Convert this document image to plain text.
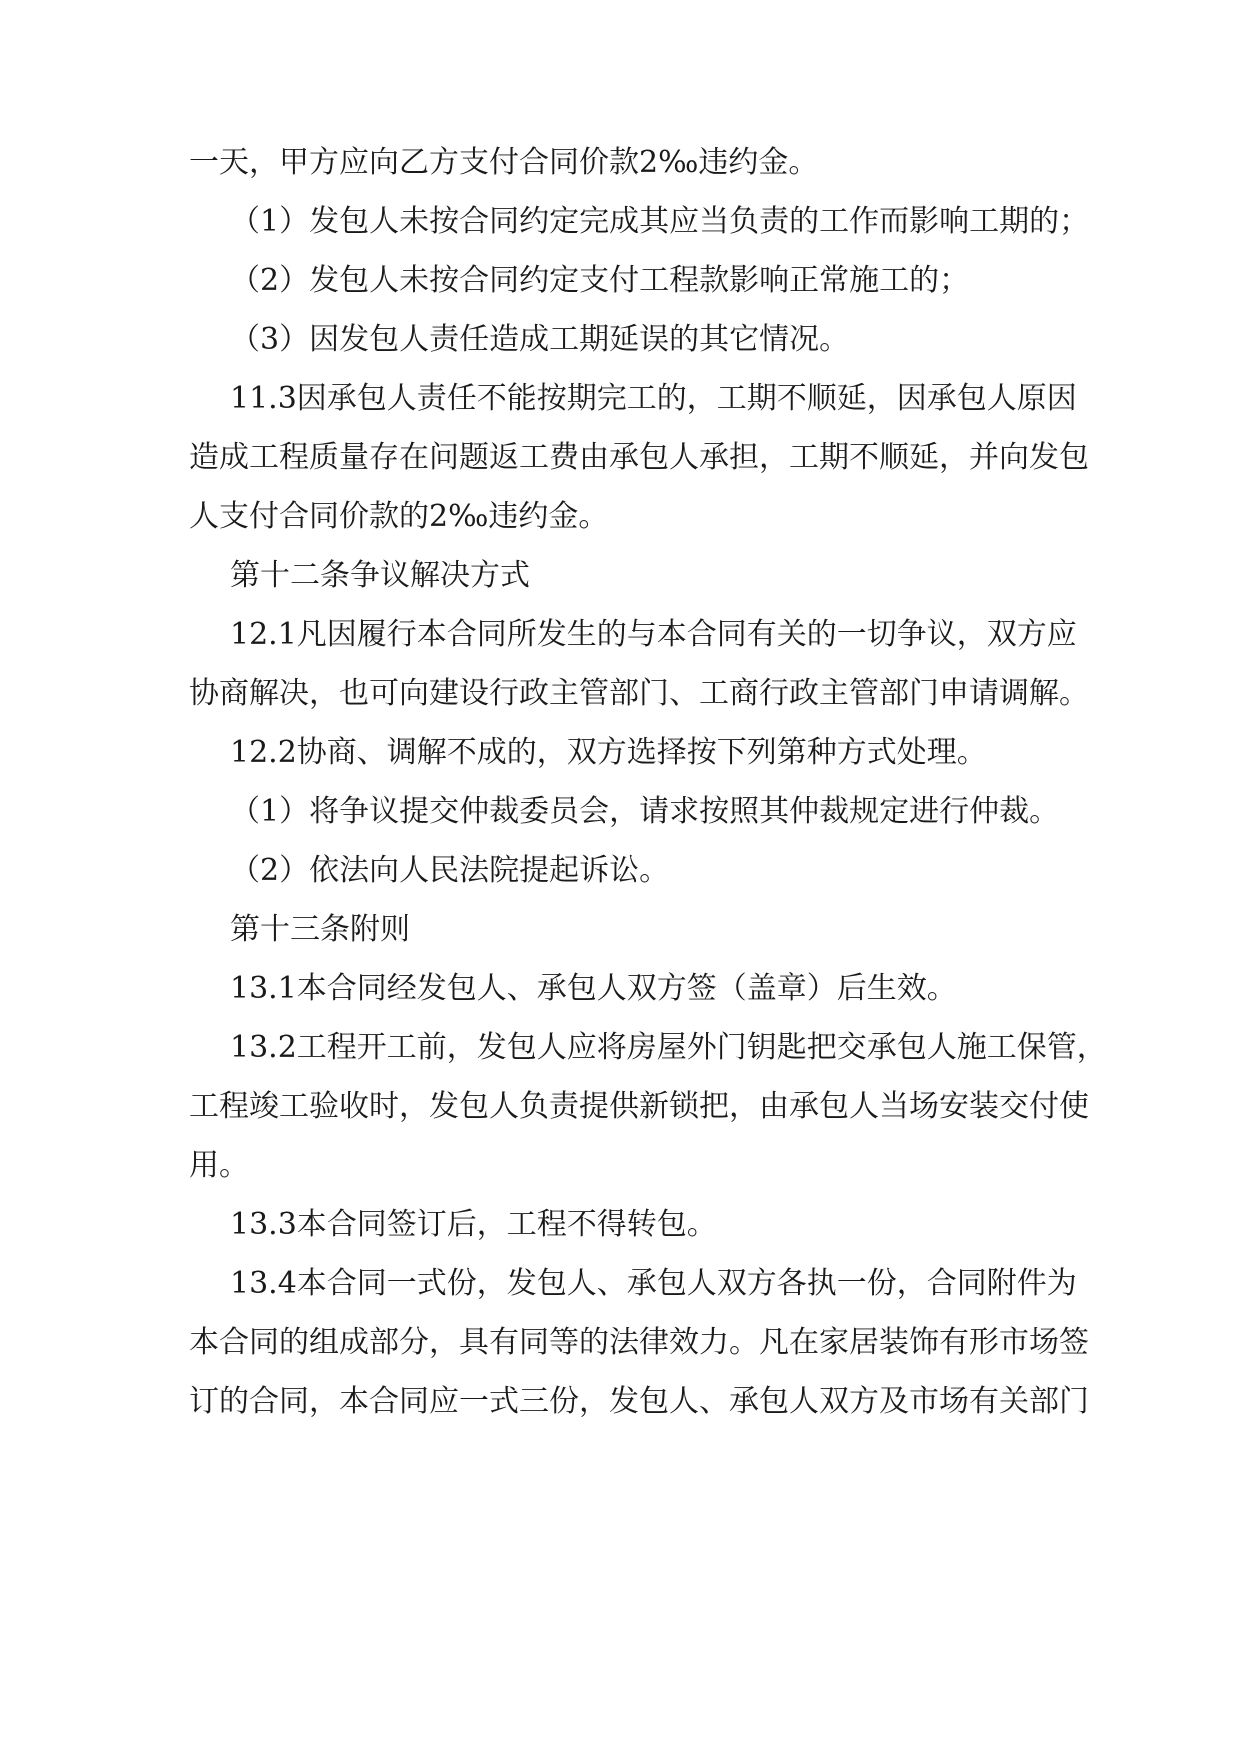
一天，甲方应向乙方支付合同价款2‰违约金。
（1）发包人未按合同约定完成其应当负责的工作而影响工期的；
（2）发包人未按合同约定支付工程款影响正常施工的；
（3）因发包人责任造成工期延误的其它情况。
11.3因承包人责任不能按期完工的，工期不顺延，因承包人原因
造成工程质量存在问题返工费由承包人承担，工期不顺延，并向发包
人支付合同价款的2‰违约金。
第十二条争议解决方式
12.1凡因履行本合同所发生的与本合同有关的一切争议，双方应
协商解决，也可向建设行政主管部门、工商行政主管部门申请调解。
12.2协商、调解不成的，双方选择按下列第种方式处理。
（1）将争议提交仲裁委员会，请求按照其仲裁规定进行仲裁。
（2）依法向人民法院提起诉讼。
第十三条附则
13.1本合同经发包人、承包人双方签（盖章）后生效。
13.2工程开工前，发包人应将房屋外门钥匙把交承包人施工保管，
工程竣工验收时，发包人负责提供新锁把，由承包人当场安装交付使
用。
13.3本合同签订后，工程不得转包。
13.4本合同一式份，发包人、承包人双方各执一份，合同附件为
本合同的组成部分，具有同等的法律效力。凡在家居装饰有形市场签
订的合同，本合同应一式三份，发包人、承包人双方及市场有关部门
